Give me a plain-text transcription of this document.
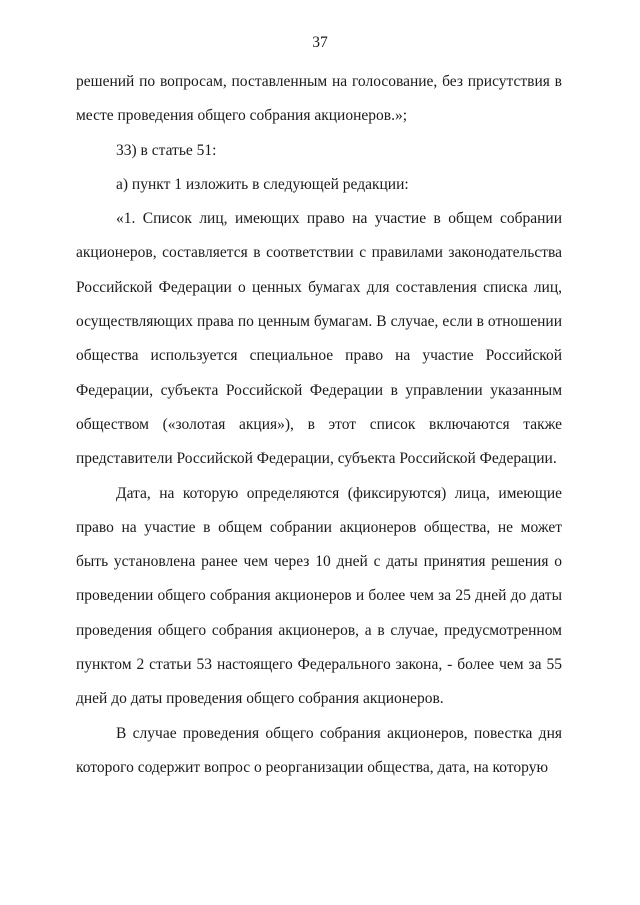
37

решений по вопросам, поставленным на голосование, без присутствия в месте проведения общего собрания акционеров.»;

33) в статье 51:

а) пункт 1 изложить в следующей редакции:

«1. Список лиц, имеющих право на участие в общем собрании акционеров, составляется в соответствии с правилами законодательства Российской Федерации о ценных бумагах для составления списка лиц, осуществляющих права по ценным бумагам. В случае, если в отношении общества используется специальное право на участие Российской Федерации, субъекта Российской Федерации в управлении указанным обществом («золотая акция»), в этот список включаются также представители Российской Федерации, субъекта Российской Федерации.

Дата, на которую определяются (фиксируются) лица, имеющие право на участие в общем собрании акционеров общества, не может быть установлена ранее чем через 10 дней с даты принятия решения о проведении общего собрания акционеров и более чем за 25 дней до даты проведения общего собрания акционеров, а в случае, предусмотренном пунктом 2 статьи 53 настоящего Федерального закона, - более чем за 55 дней до даты проведения общего собрания акционеров.

В случае проведения общего собрания акционеров, повестка дня которого содержит вопрос о реорганизации общества, дата, на которую
